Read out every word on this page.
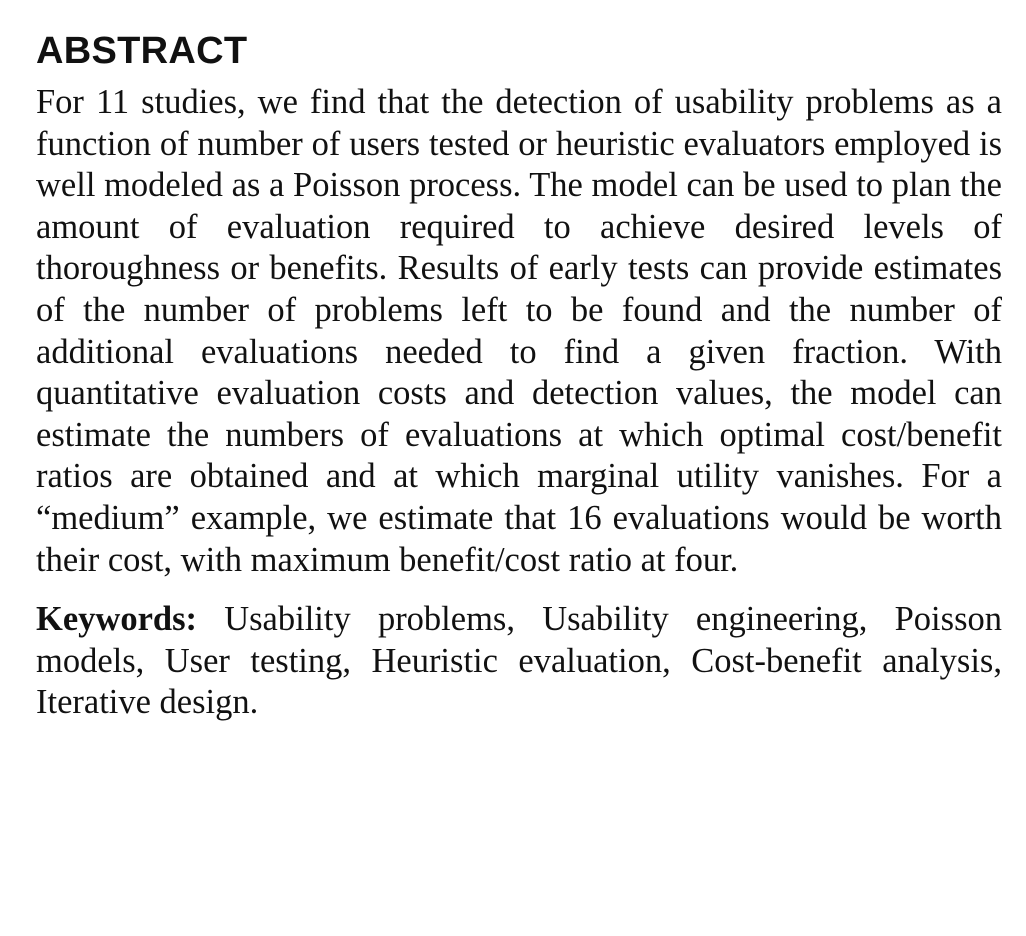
ABSTRACT

For 11 studies, we find that the detection of usability problems as a function of number of users tested or heuristic evaluators employed is well modeled as a Poisson process. The model can be used to plan the amount of evaluation required to achieve desired levels of thoroughness or benefits. Results of early tests can provide estimates of the number of problems left to be found and the number of additional evaluations needed to find a given fraction. With quantitative evaluation costs and detection values, the model can estimate the numbers of evaluations at which optimal cost/benefit ratios are obtained and at which marginal utility vanishes. For a “medium” example, we estimate that 16 evaluations would be worth their cost, with maximum benefit/cost ratio at four.

Keywords: Usability problems, Usability engineering, Poisson models, User testing, Heuristic evaluation, Cost-benefit analysis, Iterative design.
